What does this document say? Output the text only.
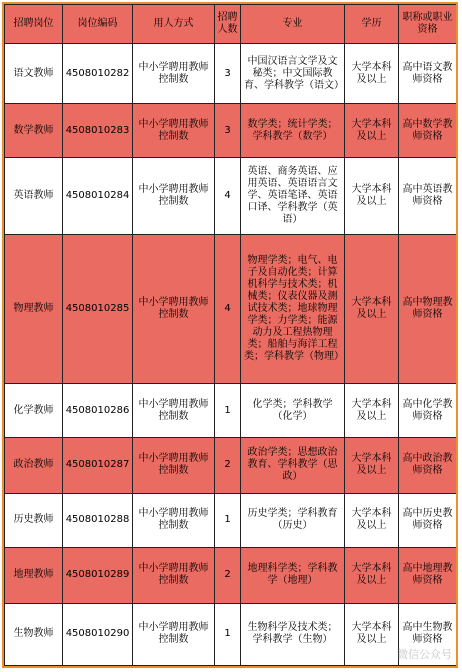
招聘岗位	岗位编码	用人方式	招聘人数	专业	学历	职称或职业资格
语文教师	4508010282	中小学聘用教师控制数	3	中国汉语言文学及文秘类；中文国际教育、学科教学（语文）	大学本科及以上	高中语文教师资格
数学教师	4508010283	中小学聘用教师控制数	3	数学类；统计学类；学科教学（数学）	大学本科及以上	高中数学教师资格
英语教师	4508010284	中小学聘用教师控制数	4	英语、商务英语、应用英语、英语语言文学、英语笔译、英语口译、学科教学（英语）	大学本科及以上	高中英语教师资格
物理教师	4508010285	中小学聘用教师控制数	4	物理学类；电气、电子及自动化类；计算机科学与技术类；机械类；仪表仪器及测试技术类；地球物理学类；力学类；能源动力及工程热物理类；船舶与海洋工程类；学科教学（物理）	大学本科及以上	高中物理教师资格
化学教师	4508010286	中小学聘用教师控制数	1	化学类；学科教学（化学）	大学本科及以上	高中化学教师资格
政治教师	4508010287	中小学聘用教师控制数	2	政治学类；思想政治教育、学科教学（思政）	大学本科及以上	高中政治教师资格
历史教师	4508010288	中小学聘用教师控制数	1	历史学类；学科教育（历史）	大学本科及以上	高中历史教师资格
地理教师	4508010289	中小学聘用教师控制数	2	地理科学类；学科教学（地理）	大学本科及以上	高中地理教师资格
生物教师	4508010290	中小学聘用教师控制数	1	生物科学及技术类；学科教学（生物）	大学本科及以上	高中生物教师资格
微信公众号
